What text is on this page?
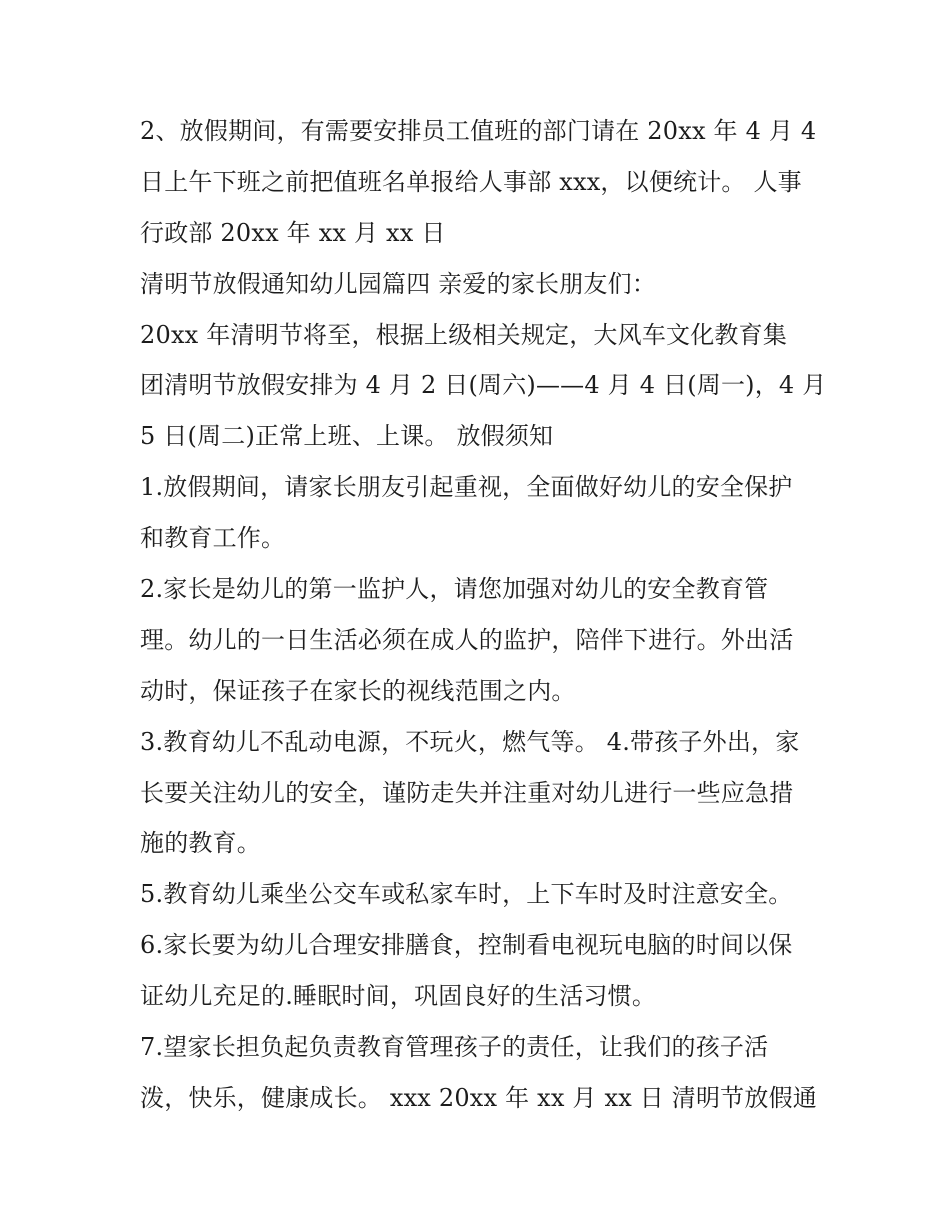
2、放假期间，有需要安排员工值班的部门请在 20xx 年 4 月 4
日上午下班之前把值班名单报给人事部 xxx，以便统计。 人事
行政部 20xx 年 xx 月 xx 日
清明节放假通知幼儿园篇四 亲爱的家长朋友们：
20xx 年清明节将至，根据上级相关规定，大风车文化教育集
团清明节放假安排为 4 月 2 日(周六)——4 月 4 日(周一)，4 月
5 日(周二)正常上班、上课。 放假须知
1.放假期间，请家长朋友引起重视，全面做好幼儿的安全保护
和教育工作。
2.家长是幼儿的第一监护人，请您加强对幼儿的安全教育管
理。幼儿的一日生活必须在成人的监护，陪伴下进行。外出活
动时，保证孩子在家长的视线范围之内。
3.教育幼儿不乱动电源，不玩火，燃气等。 4.带孩子外出，家
长要关注幼儿的安全，谨防走失并注重对幼儿进行一些应急措
施的教育。
5.教育幼儿乘坐公交车或私家车时，上下车时及时注意安全。
6.家长要为幼儿合理安排膳食，控制看电视玩电脑的时间以保
证幼儿充足的.睡眠时间，巩固良好的生活习惯。
7.望家长担负起负责教育管理孩子的责任，让我们的孩子活
泼，快乐，健康成长。 xxx 20xx 年 xx 月 xx 日 清明节放假通
